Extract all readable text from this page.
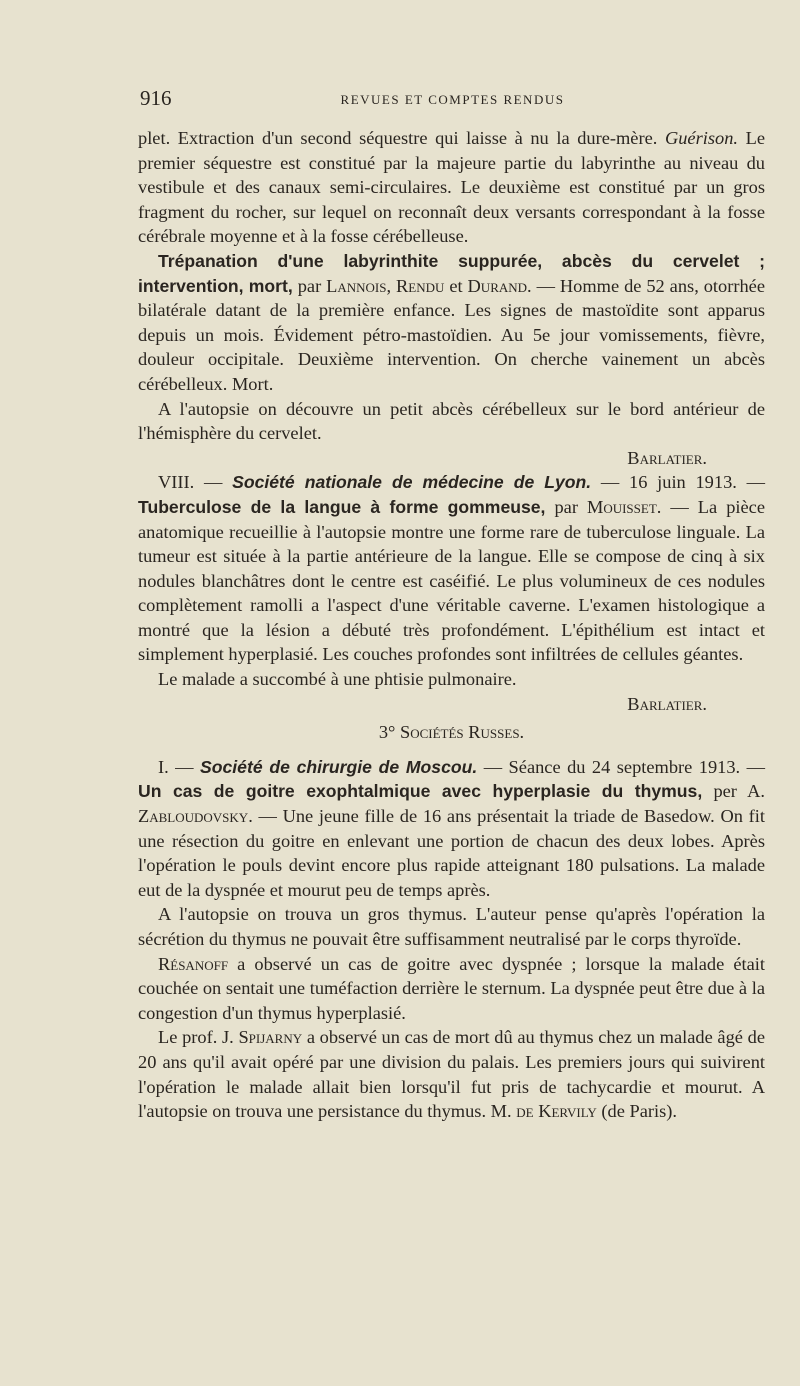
916	REVUES ET COMPTES RENDUS

plet. Extraction d'un second séquestre qui laisse à nu la dure-mère. Guérison. Le premier séquestre est constitué par la majeure partie du labyrinthe au niveau du vestibule et des canaux semi-circulaires. Le deuxième est constitué par un gros fragment du rocher, sur lequel on reconnaît deux versants correspondant à la fosse cérébrale moyenne et à la fosse cérébelleuse.

Trépanation d'une labyrinthite suppurée, abcès du cervelet ; intervention, mort, par Lannois, Rendu et Durand. — Homme de 52 ans, otorrhée bilatérale datant de la première enfance. Les signes de mastoïdite sont apparus depuis un mois. Évidement pétro-mastoïdien. Au 5e jour vomissements, fièvre, douleur occipitale. Deuxième intervention. On cherche vainement un abcès cérébelleux. Mort.

A l'autopsie on découvre un petit abcès cérébelleux sur le bord antérieur de l'hémisphère du cervelet.

Barlatier.

VIII. — Société nationale de médecine de Lyon. — 16 juin 1913. — Tuberculose de la langue à forme gommeuse, par Mouisset. — La pièce anatomique recueillie à l'autopsie montre une forme rare de tuberculose linguale. La tumeur est située à la partie antérieure de la langue. Elle se compose de cinq à six nodules blanchâtres dont le centre est caséifié. Le plus volumineux de ces nodules complètement ramolli a l'aspect d'une véritable caverne. L'examen histologique a montré que la lésion a débuté très profondément. L'épithélium est intact et simplement hyperplasié. Les couches profondes sont infiltrées de cellules géantes.

Le malade a succombé à une phtisie pulmonaire.

Barlatier.

3° Sociétés Russes.

I. — Société de chirurgie de Moscou. — Séance du 24 septembre 1913. — Un cas de goitre exophtalmique avec hyperplasie du thymus, per A. Zabloudovsky. — Une jeune fille de 16 ans présentait la triade de Basedow. On fit une résection du goitre en enlevant une portion de chacun des deux lobes. Après l'opération le pouls devint encore plus rapide atteignant 180 pulsations. La malade eut de la dyspnée et mourut peu de temps après.

A l'autopsie on trouva un gros thymus. L'auteur pense qu'après l'opération la sécrétion du thymus ne pouvait être suffisamment neutralisé par le corps thyroïde.

Résanoff a observé un cas de goitre avec dyspnée ; lorsque la malade était couchée on sentait une tuméfaction derrière le sternum. La dyspnée peut être due à la congestion d'un thymus hyperplasié.

Le prof. J. Spijarny a observé un cas de mort dû au thymus chez un malade âgé de 20 ans qu'il avait opéré par une division du palais. Les premiers jours qui suivirent l'opération le malade allait bien lorsqu'il fut pris de tachycardie et mourut. A l'autopsie on trouva une persistance du thymus. M. de Kervily (de Paris).
